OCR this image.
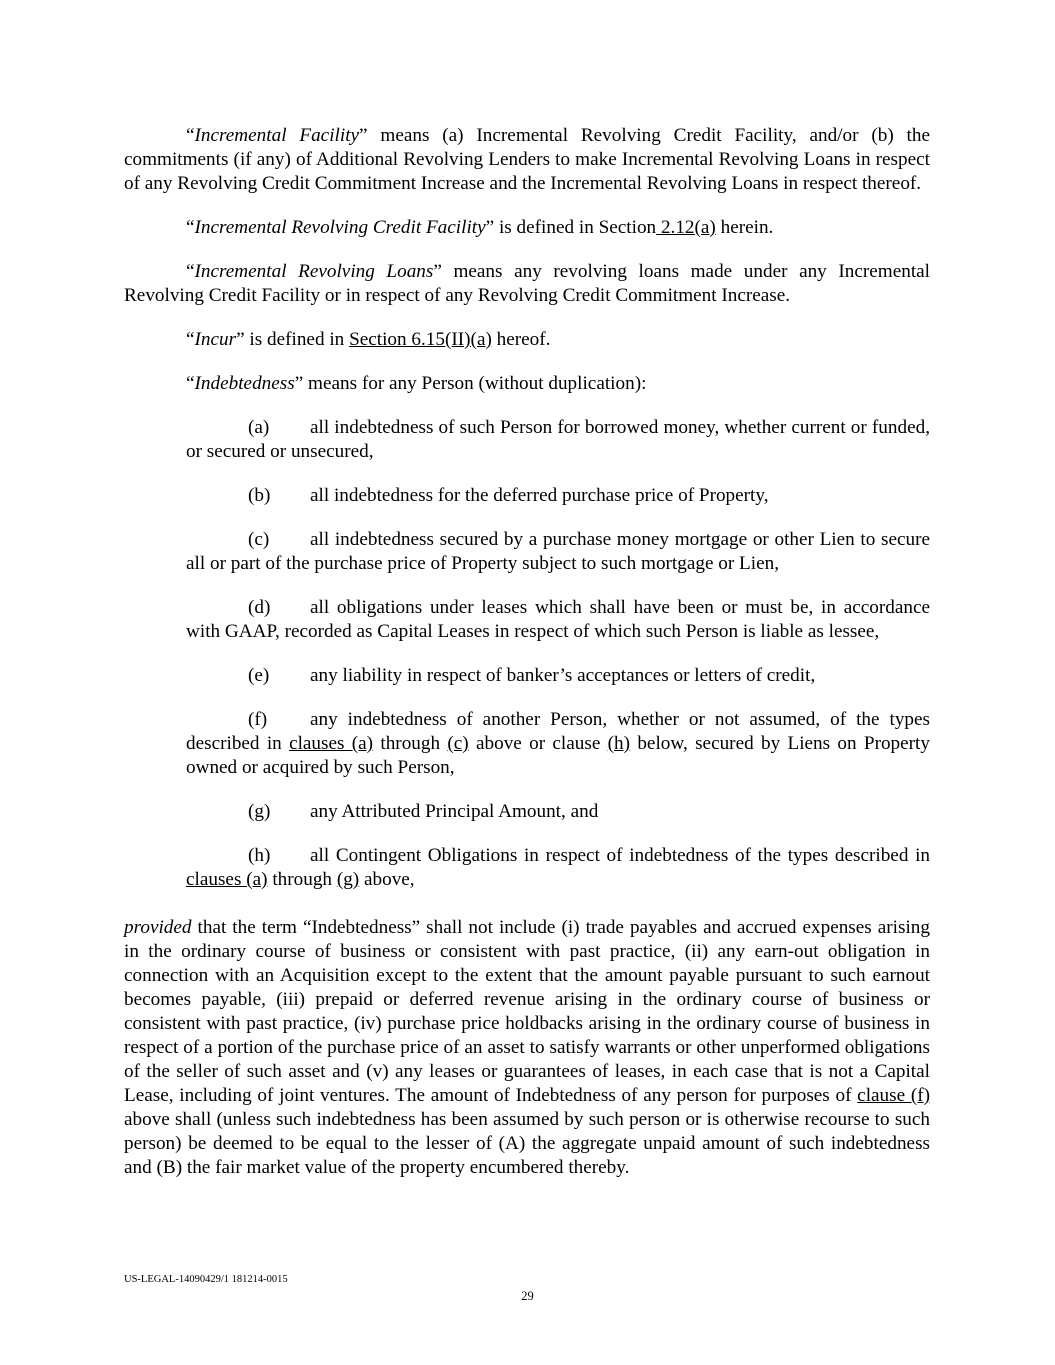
“Incremental Facility” means (a) Incremental Revolving Credit Facility, and/or (b) the commitments (if any) of Additional Revolving Lenders to make Incremental Revolving Loans in respect of any Revolving Credit Commitment Increase and the Incremental Revolving Loans in respect thereof.

“Incremental Revolving Credit Facility” is defined in Section 2.12(a) herein.

“Incremental Revolving Loans” means any revolving loans made under any Incremental Revolving Credit Facility or in respect of any Revolving Credit Commitment Increase.

“Incur” is defined in Section 6.15(II)(a) hereof.

“Indebtedness” means for any Person (without duplication):

(a) all indebtedness of such Person for borrowed money, whether current or funded, or secured or unsecured,

(b) all indebtedness for the deferred purchase price of Property,

(c) all indebtedness secured by a purchase money mortgage or other Lien to secure all or part of the purchase price of Property subject to such mortgage or Lien,

(d) all obligations under leases which shall have been or must be, in accordance with GAAP, recorded as Capital Leases in respect of which such Person is liable as lessee,

(e) any liability in respect of banker’s acceptances or letters of credit,

(f) any indebtedness of another Person, whether or not assumed, of the types described in clauses (a) through (c) above or clause (h) below, secured by Liens on Property owned or acquired by such Person,

(g) any Attributed Principal Amount, and

(h) all Contingent Obligations in respect of indebtedness of the types described in clauses (a) through (g) above,

provided that the term “Indebtedness” shall not include (i) trade payables and accrued expenses arising in the ordinary course of business or consistent with past practice, (ii) any earn-out obligation in connection with an Acquisition except to the extent that the amount payable pursuant to such earnout becomes payable, (iii) prepaid or deferred revenue arising in the ordinary course of business or consistent with past practice, (iv) purchase price holdbacks arising in the ordinary course of business in respect of a portion of the purchase price of an asset to satisfy warrants or other unperformed obligations of the seller of such asset and (v) any leases or guarantees of leases, in each case that is not a Capital Lease, including of joint ventures. The amount of Indebtedness of any person for purposes of clause (f) above shall (unless such indebtedness has been assumed by such person or is otherwise recourse to such person) be deemed to be equal to the lesser of (A) the aggregate unpaid amount of such indebtedness and (B) the fair market value of the property encumbered thereby.

US-LEGAL-14090429/1 181214-0015
29
